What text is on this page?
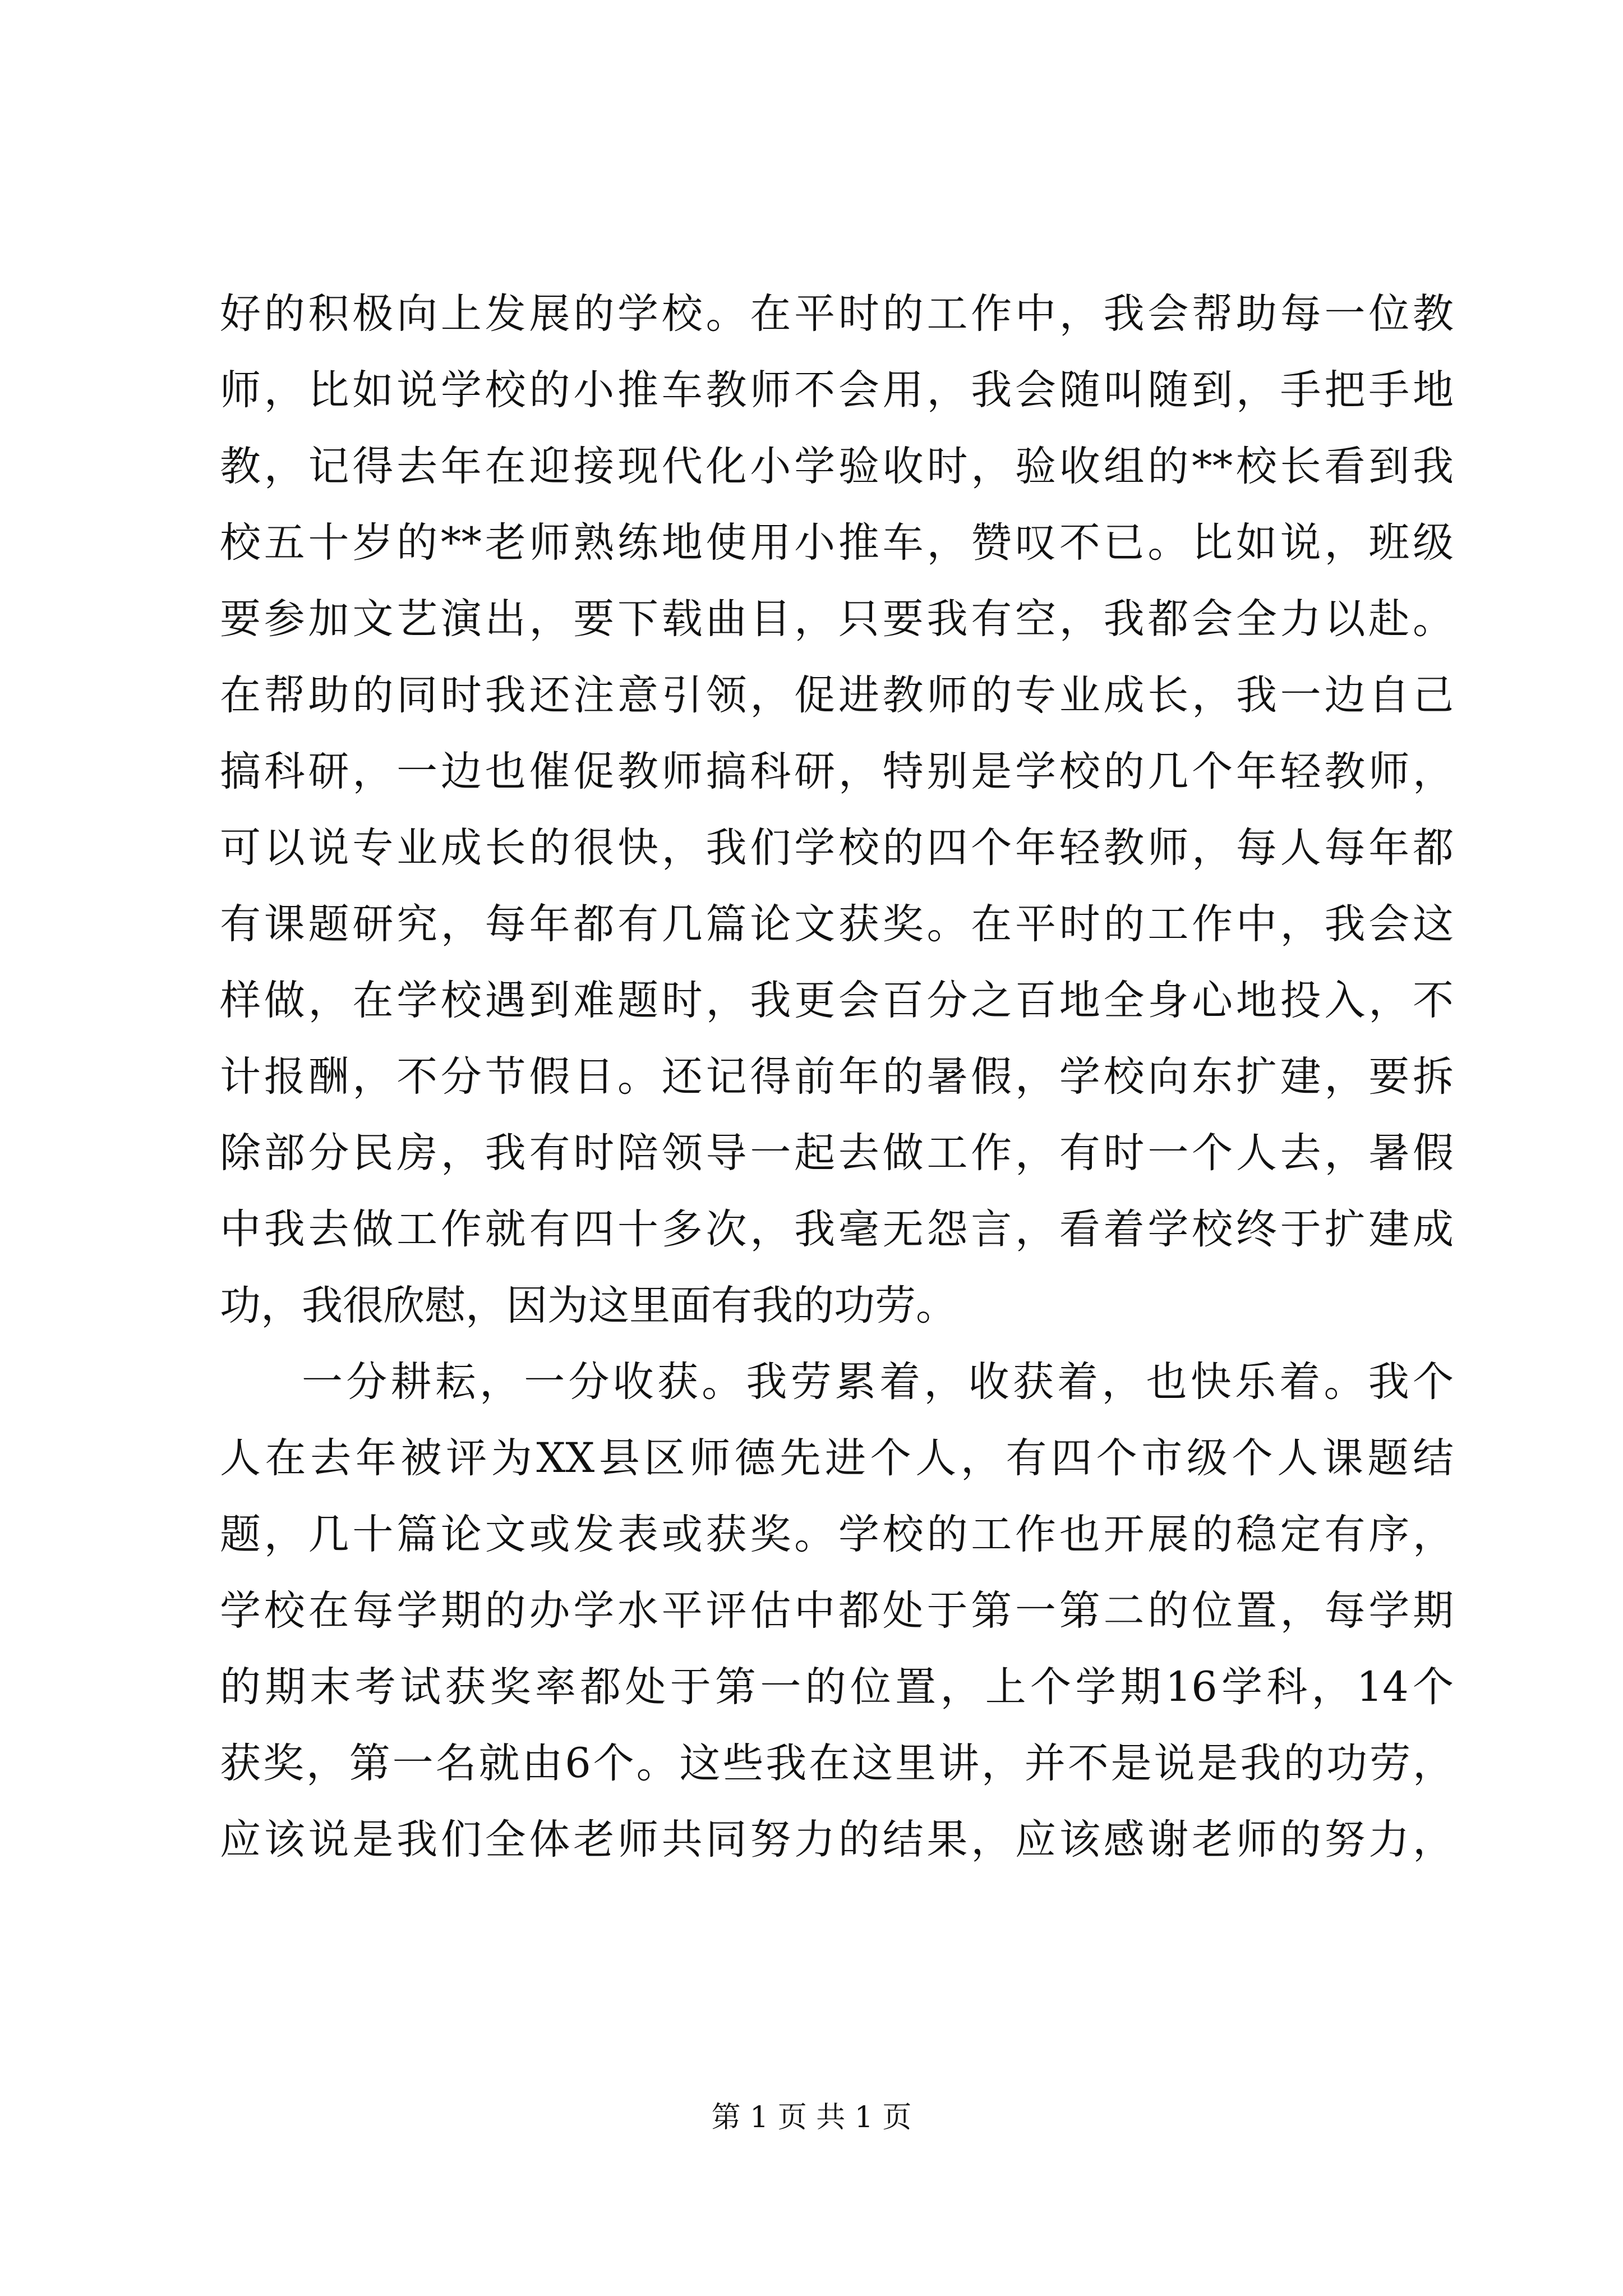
好的积极向上发展的学校。在平时的工作中，我会帮助每一位教
师，比如说学校的小推车教师不会用，我会随叫随到，手把手地
教，记得去年在迎接现代化小学验收时，验收组的**校长看到我
校五十岁的**老师熟练地使用小推车，赞叹不已。比如说，班级
要参加文艺演出，要下载曲目，只要我有空，我都会全力以赴。
在帮助的同时我还注意引领，促进教师的专业成长，我一边自己
搞科研，一边也催促教师搞科研，特别是学校的几个年轻教师，
可以说专业成长的很快，我们学校的四个年轻教师，每人每年都
有课题研究，每年都有几篇论文获奖。在平时的工作中，我会这
样做，在学校遇到难题时，我更会百分之百地全身心地投入，不
计报酬，不分节假日。还记得前年的暑假，学校向东扩建，要拆
除部分民房，我有时陪领导一起去做工作，有时一个人去，暑假
中我去做工作就有四十多次，我毫无怨言，看着学校终于扩建成
功，我很欣慰，因为这里面有我的功劳。
一分耕耘，一分收获。我劳累着，收获着，也快乐着。我个
人在去年被评为XX县区师德先进个人，有四个市级个人课题结
题，几十篇论文或发表或获奖。学校的工作也开展的稳定有序，
学校在每学期的办学水平评估中都处于第一第二的位置，每学期
的期末考试获奖率都处于第一的位置，上个学期16学科，14个
获奖，第一名就由6个。这些我在这里讲，并不是说是我的功劳，
应该说是我们全体老师共同努力的结果，应该感谢老师的努力，
第 1 页 共 1 页
